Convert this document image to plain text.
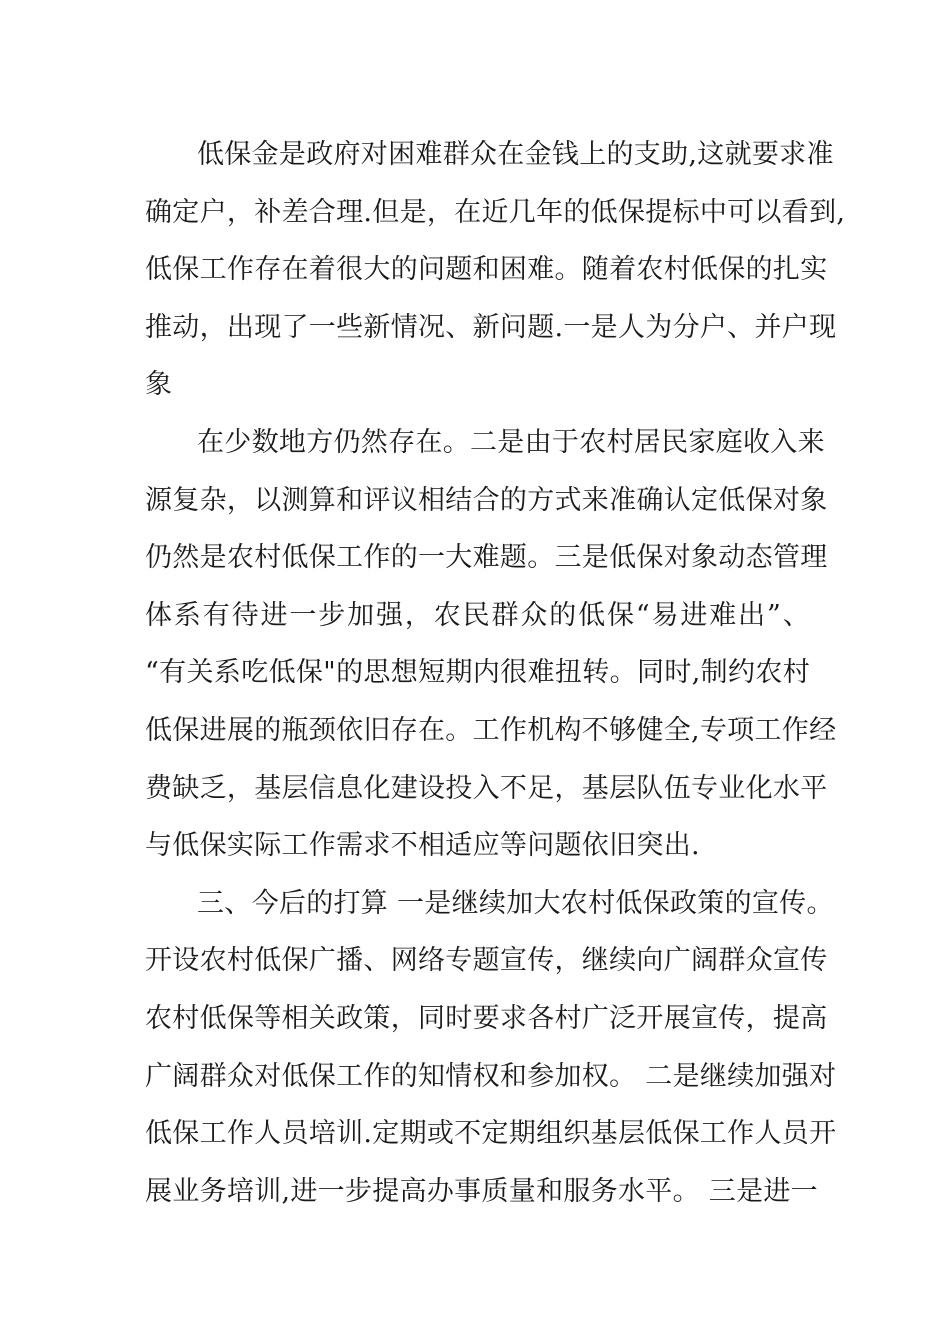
低保金是政府对困难群众在金钱上的支助,这就要求准
确定户，补差合理.但是，在近几年的低保提标中可以看到,
低保工作存在着很大的问题和困难。随着农村低保的扎实
推动，出现了一些新情况、新问题.一是人为分户、并户现
象
在少数地方仍然存在。二是由于农村居民家庭收入来
源复杂，以测算和评议相结合的方式来准确认定低保对象
仍然是农村低保工作的一大难题。三是低保对象动态管理
体系有待进一步加强，农民群众的低保“易进难出”、
“有关系吃低保"的思想短期内很难扭转。同时,制约农村
低保进展的瓶颈依旧存在。工作机构不够健全,专项工作经
费缺乏，基层信息化建设投入不足，基层队伍专业化水平
与低保实际工作需求不相适应等问题依旧突出.
三、今后的打算 一是继续加大农村低保政策的宣传。
开设农村低保广播、网络专题宣传，继续向广阔群众宣传
农村低保等相关政策，同时要求各村广泛开展宣传，提高
广阔群众对低保工作的知情权和参加权。 二是继续加强对
低保工作人员培训.定期或不定期组织基层低保工作人员开
展业务培训,进一步提高办事质量和服务水平。 三是进一
